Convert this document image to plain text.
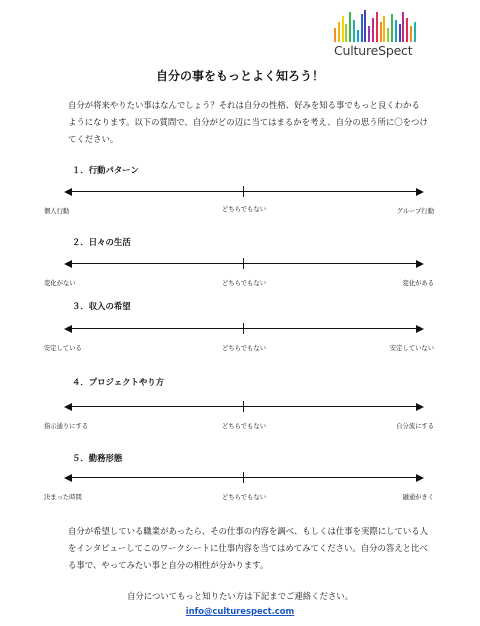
CultureSpect
自分の事をもっとよく知ろう！

自分が将来やりたい事はなんでしょう？それは自分の性格、好みを知る事でもっと良くわかるようになります。以下の質問で、自分がどの辺に当てはまるかを考え、自分の思う所に〇をつけてください。

１．行動パターン
個人行動	どちらでもない	グループ行動
２．日々の生活
変化がない	どちらでもない	変化がある
３．収入の希望
安定している	どちらでもない	安定していない
４．プロジェクトやり方
指示通りにする	どちらでもない	自分流にする
５．勤務形態
決まった時間	どちらでもない	融通がきく

自分が希望している職業があったら、その仕事の内容を調べ、もしくは仕事を実際にしている人をインタビューしてこのワークシートに仕事内容を当てはめてみてください。自分の答えと比べる事で、やってみたい事と自分の相性が分かります。

自分についてもっと知りたい方は下記までご連絡ください。

info@culturespect.com
